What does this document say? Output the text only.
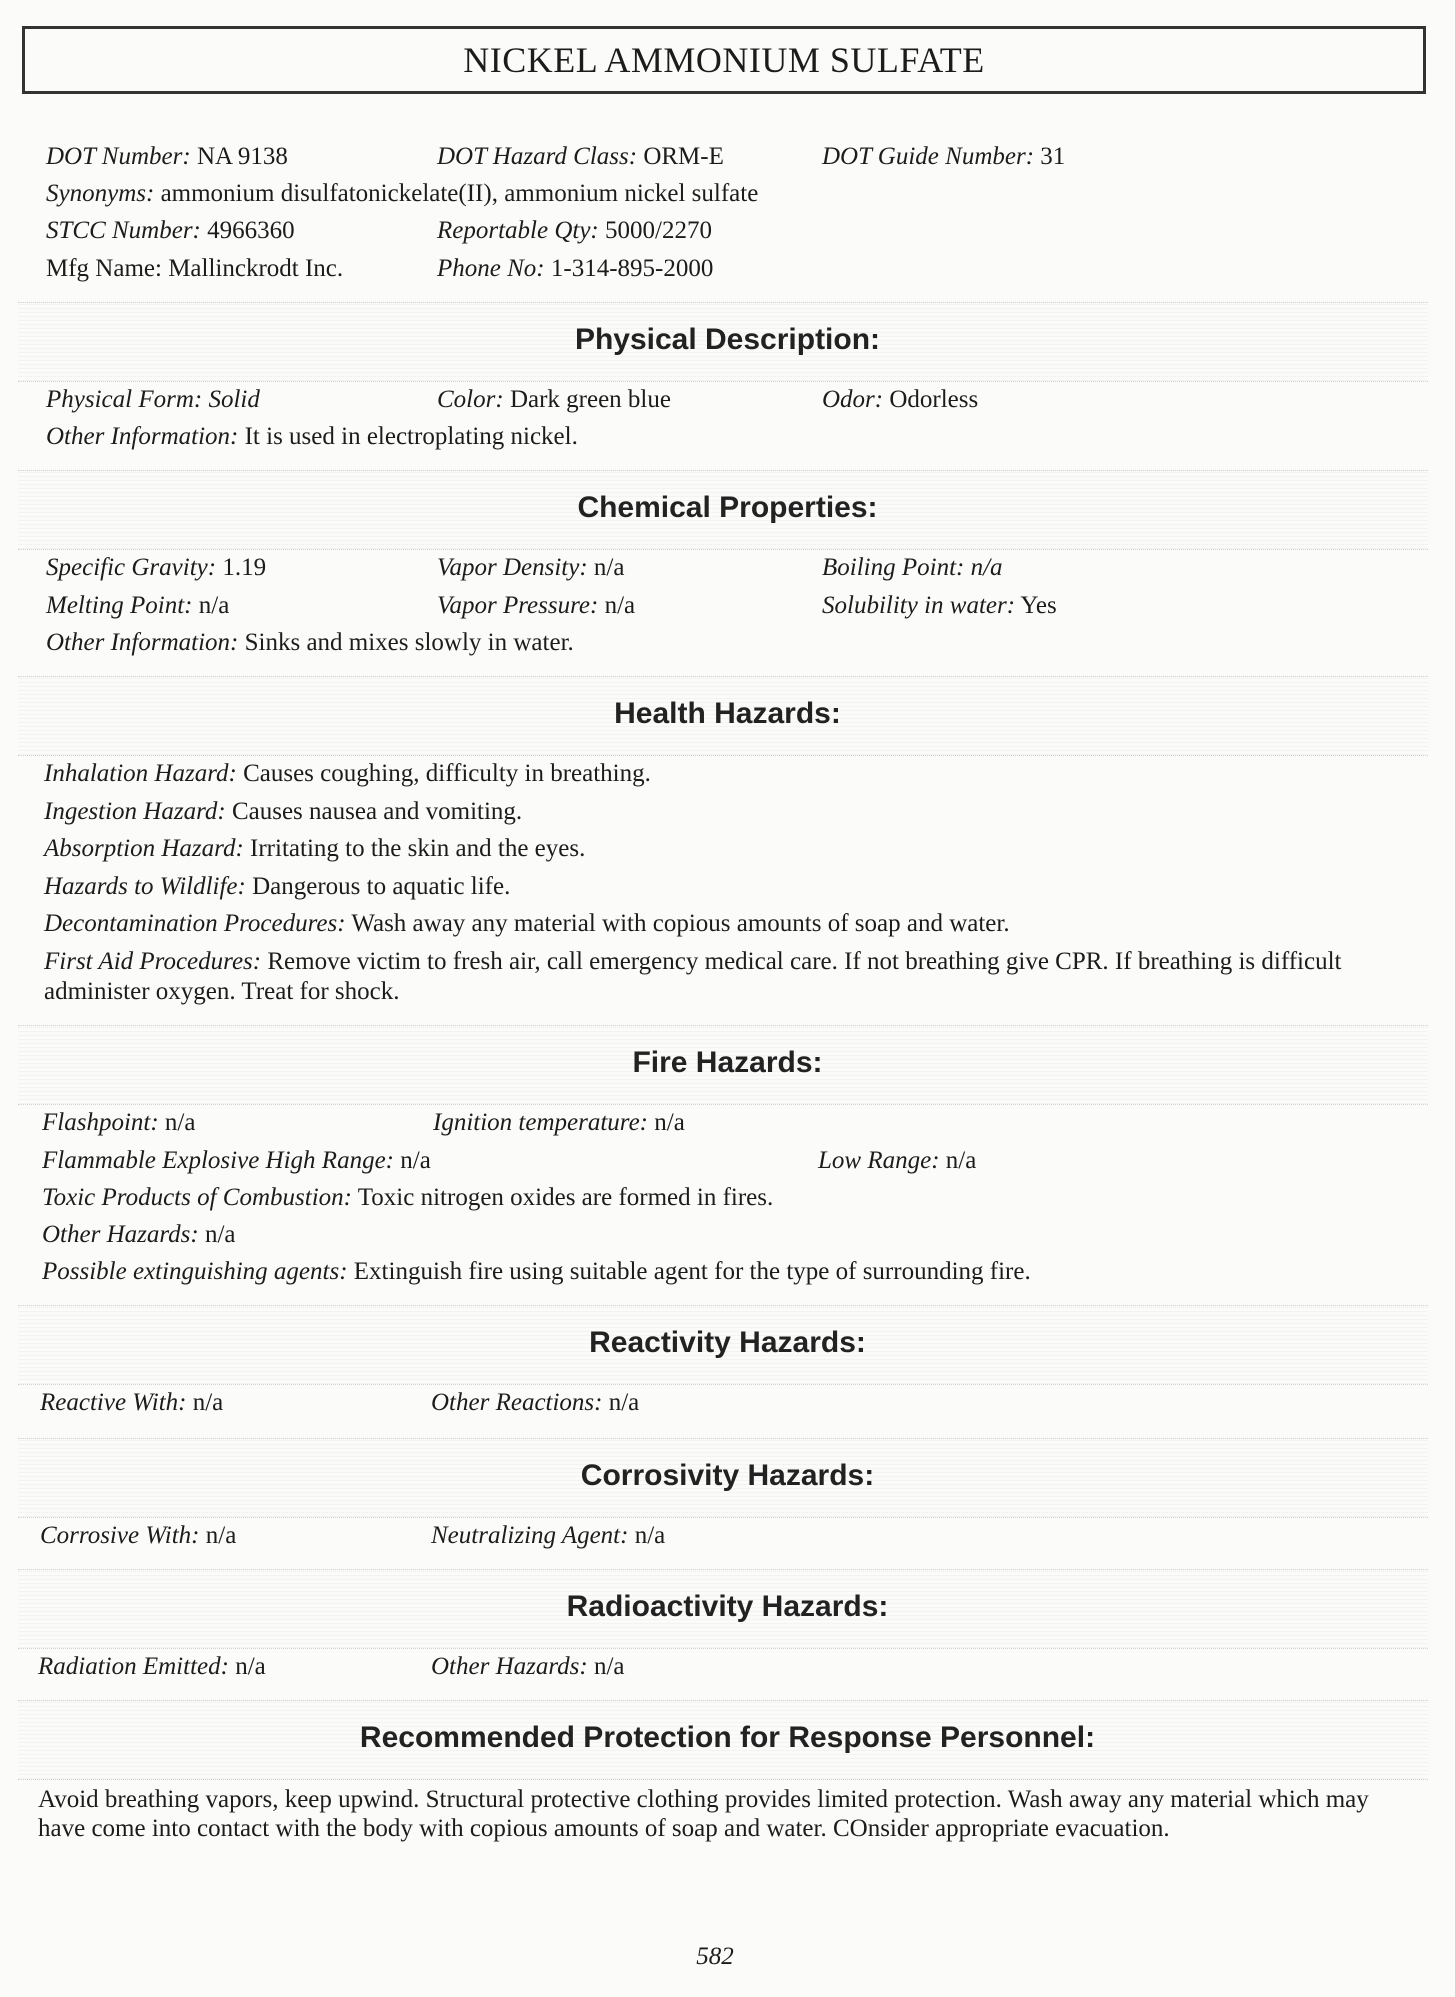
NICKEL AMMONIUM SULFATE
DOT Number: NA 9138	DOT Hazard Class: ORM-E	DOT Guide Number: 31
Synonyms: ammonium disulfatonickelate(II), ammonium nickel sulfate
STCC Number: 4966360	Reportable Qty: 5000/2270
Mfg Name: Mallinckrodt Inc.	Phone No: 1-314-895-2000
Physical Description:
Physical Form: Solid	Color: Dark green blue	Odor: Odorless
Other Information: It is used in electroplating nickel.
Chemical Properties:
Specific Gravity: 1.19	Vapor Density: n/a	Boiling Point: n/a
Melting Point: n/a	Vapor Pressure: n/a	Solubility in water: Yes
Other Information: Sinks and mixes slowly in water.
Health Hazards:
Inhalation Hazard: Causes coughing, difficulty in breathing.
Ingestion Hazard: Causes nausea and vomiting.
Absorption Hazard: Irritating to the skin and the eyes.
Hazards to Wildlife: Dangerous to aquatic life.
Decontamination Procedures: Wash away any material with copious amounts of soap and water.
First Aid Procedures: Remove victim to fresh air, call emergency medical care. If not breathing give CPR. If breathing is difficult administer oxygen. Treat for shock.
Fire Hazards:
Flashpoint: n/a	Ignition temperature: n/a
Flammable Explosive High Range: n/a	Low Range: n/a
Toxic Products of Combustion: Toxic nitrogen oxides are formed in fires.
Other Hazards: n/a
Possible extinguishing agents: Extinguish fire using suitable agent for the type of surrounding fire.
Reactivity Hazards:
Reactive With: n/a	Other Reactions: n/a
Corrosivity Hazards:
Corrosive With: n/a	Neutralizing Agent: n/a
Radioactivity Hazards:
Radiation Emitted: n/a	Other Hazards: n/a
Recommended Protection for Response Personnel:
Avoid breathing vapors, keep upwind. Structural protective clothing provides limited protection. Wash away any material which may have come into contact with the body with copious amounts of soap and water. COnsider appropriate evacuation.
582
